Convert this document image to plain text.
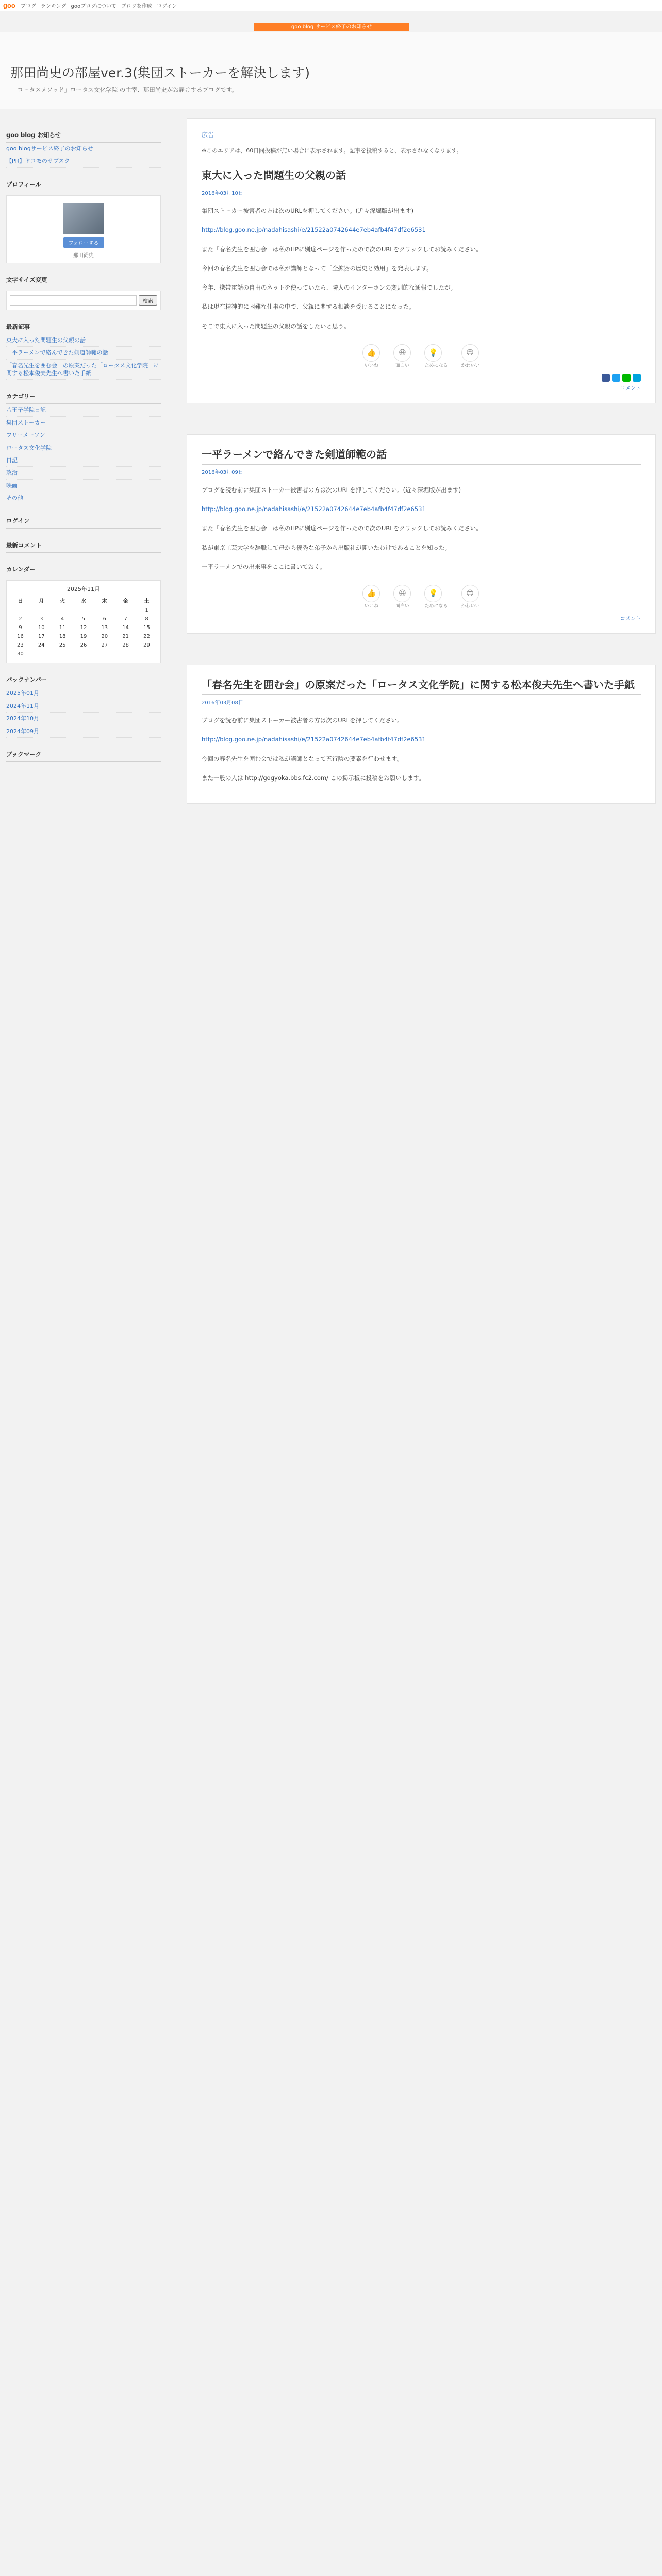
goo ブログ ランキング gooブログについて ブログを作成 ログイン
goo blog サービス終了のお知らせ
那田尚史の部屋ver.3(集団ストーカーを解決します)
「ロータスメソッド」ロータス文化学院 の主宰、那田尚史がお届けするブログです。
goo blog お知らせ
goo blogサービス終了のお知らせ
【PR】ドコモのサブスク
プロフィール
フォローする
那田尚史
文字サイズ変更
検索
最新記事
東大に入った問題生の父親の話
一平ラーメンで絡んできた剣道師範の話
「春名先生を囲む会」の原案だった「ロータス文化学院」に関する松本俊夫先生へ書いた手紙
カテゴリー
八王子学院日記
集団ストーカー
フリーメーソン
ロータス文化学院
日記
政治
映画
その他
ログイン
最新コメント
カレンダー
2025年11月
日	月	火	水	木	金	土
						1
2	3	4	5	6	7	8
9	10	11	12	13	14	15
16	17	18	19	20	21	22
23	24	25	26	27	28	29
30						
バックナンバー
2025年01月
2024年11月
2024年10月
2024年09月
ブックマーク
広告
※このエリアは、60日間投稿が無い場合に表示されます。記事を投稿すると、表示されなくなります。
東大に入った問題生の父親の話
2016年03月10日

集団ストーカー被害者の方は次のURLを押してください。(近々深堀版が出ます)

http://blog.goo.ne.jp/nadahisashi/e/21522a0742644e7eb4afb4f47df2e6531

また「春名先生を囲む会」は私のHPに別途ページを作ったので次のURLをクリックしてお読みください。

今回の春名先生を囲む会では私が講師となって「全拡器の歴史と効用」を発表します。

今年、携帯電話の自由のネットを使っていたら、隣人のインターホンの変則的な通報でしたが。

私は現在精神的に困難な仕事の中で、父親に関する相談を受けることになった。

そこで東大に入った問題生の父親の話をしたいと思う。

👍
いいね
😆
面白い
💡
ためになる
😍
かわいい
コメント
一平ラーメンで絡んできた剣道師範の話
2016年03月09日

ブログを読む前に集団ストーカー被害者の方は次のURLを押してください。(近々深堀版が出ます)

http://blog.goo.ne.jp/nadahisashi/e/21522a0742644e7eb4afb4f47df2e6531

また「春名先生を囲む会」は私のHPに別途ページを作ったので次のURLをクリックしてお読みください。

私が東京工芸大学を辞職して母から優秀な弟子から出版社が開いたわけであることを知った。

一平ラーメンでの出来事をここに書いておく。

👍
いいね
😆
面白い
💡
ためになる
😍
かわいい
コメント
「春名先生を囲む会」の原案だった「ロータス文化学院」に関する松本俊夫先生へ書いた手紙
2016年03月08日

ブログを読む前に集団ストーカー被害者の方は次のURLを押してください。

http://blog.goo.ne.jp/nadahisashi/e/21522a0742644e7eb4afb4f47df2e6531

今回の春名先生を囲む会では私が講師となって五行陰の要素を行わせます。

また一般の人は http://gogyoka.bbs.fc2.com/ この掲示板に投稿をお願いします。
